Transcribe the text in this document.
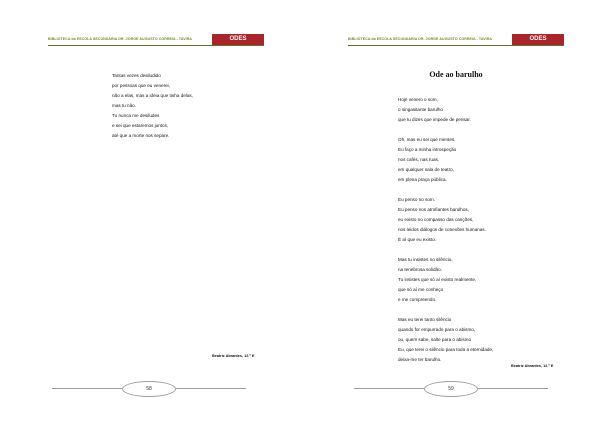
BIBLIOTECA da ESCOLA SECUNDÁRIA DR. JORGE AUGUSTO CORREIA - TAVIRA	ODES
Tantas vezes desiludido
por pessoas que eu venerei,
não a elas, mas a ideia que tinha delas,
mas tu não.
Tu nunca me desiludes
e sei que estaremos juntos,
até que a morte nos separe.
Beatriz Abrantes, 12.º E
58
BIBLIOTECA da ESCOLA SECUNDÁRIA DR. JORGE AUGUSTO CORREIA - TAVIRA	ODES
Ode ao barulho
Hoje venero o som,
o singasitante barulho
que tu dizes que impede de pensar.
Oh, mas eu sei que mentes.
Eu faço a minha introspeção
nos cafés, nas ruas,
em qualquer sala de teatro,
em plena praça pública.
Eu penso no som.
Eu penso nos atrofiantes barulhos,
eu existo no compasso das canções,
nos leidos diálogos de conexões humanas.
É aí que eu existo.
Mas tu insistes no silêncio,
na tenebrosa solidão.
Tu insistes que só aí existo realmente,
que só aí me conheço
e me compreendo.
Mas eu terei tanto silêncio
quando for empurrado para o abismo,
ou, quem sabe, salte para o abismo
Eu, que terei o silêncio para toda a eternidade,
deixa-me ter barulho.
Beatriz Abrantes, 12.º E
59
